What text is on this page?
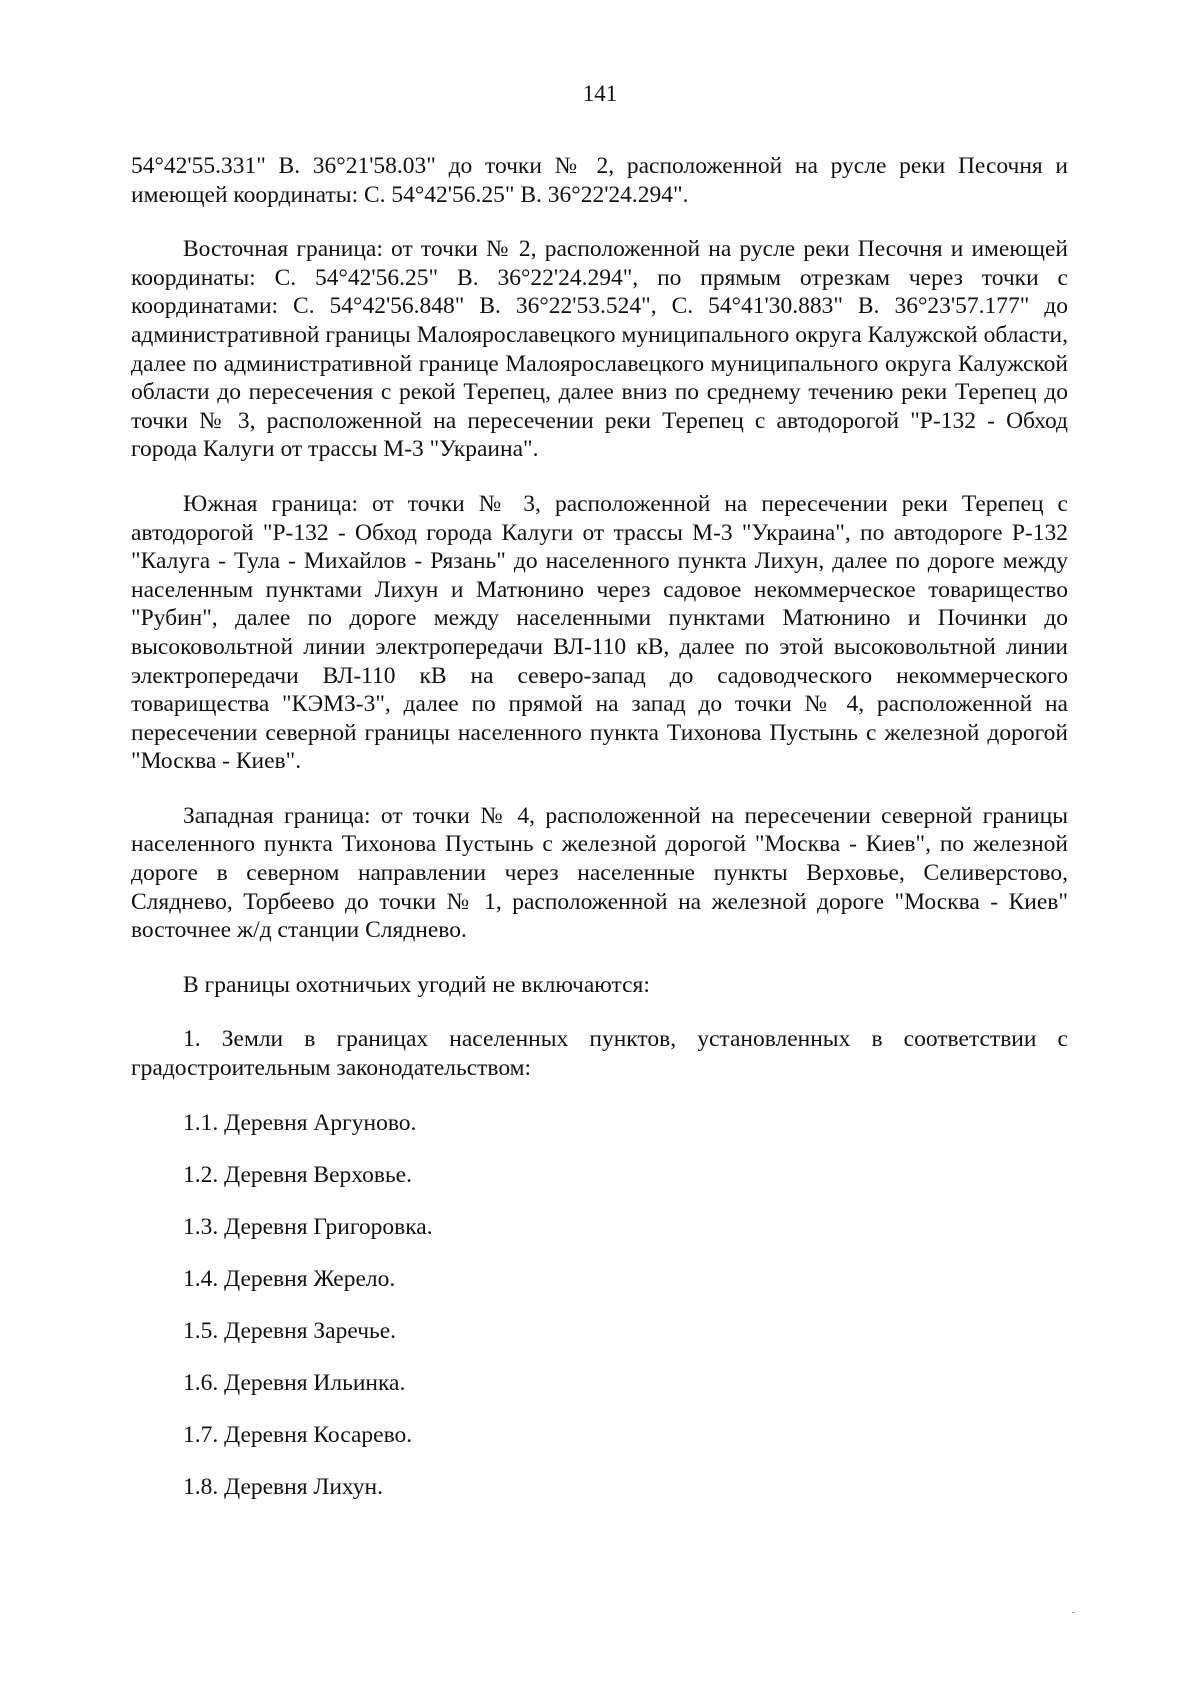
141

54°42'55.331" В. 36°21'58.03" до точки № 2, расположенной на русле реки Песочня и имеющей координаты: С. 54°42'56.25" В. 36°22'24.294".

Восточная граница: от точки № 2, расположенной на русле реки Песочня и имеющей координаты: С. 54°42'56.25" В. 36°22'24.294", по прямым отрезкам через точки с координатами: С. 54°42'56.848" В. 36°22'53.524", С. 54°41'30.883" В. 36°23'57.177" до административной границы Малоярославецкого муниципального округа Калужской области, далее по административной границе Малоярославецкого муниципального округа Калужской области до пересечения с рекой Терепец, далее вниз по среднему течению реки Терепец до точки № 3, расположенной на пересечении реки Терепец с автодорогой "Р-132 - Обход города Калуги от трассы М-3 "Украина".

Южная граница: от точки № 3, расположенной на пересечении реки Терепец с автодорогой "Р-132 - Обход города Калуги от трассы М-3 "Украина", по автодороге Р-132 "Калуга - Тула - Михайлов - Рязань" до населенного пункта Лихун, далее по дороге между населенным пунктами Лихун и Матюнино через садовое некоммерческое товарищество "Рубин", далее по дороге между населенными пунктами Матюнино и Починки до высоковольтной линии электропередачи ВЛ-110 кВ, далее по этой высоковольтной линии электропередачи ВЛ-110 кВ на северо-запад до садоводческого некоммерческого товарищества "КЭМЗ-3", далее по прямой на запад до точки № 4, расположенной на пересечении северной границы населенного пункта Тихонова Пустынь с железной дорогой "Москва - Киев".

Западная граница: от точки № 4, расположенной на пересечении северной границы населенного пункта Тихонова Пустынь с железной дорогой "Москва - Киев", по железной дороге в северном направлении через населенные пункты Верховье, Селиверстово, Сляднево, Торбеево до точки № 1, расположенной на железной дороге "Москва - Киев" восточнее ж/д станции Сляднево.

В границы охотничьих угодий не включаются:

1. Земли в границах населенных пунктов, установленных в соответствии с градостроительным законодательством:

1.1. Деревня Аргуново.

1.2. Деревня Верховье.

1.3. Деревня Григоровка.

1.4. Деревня Жерело.

1.5. Деревня Заречье.

1.6. Деревня Ильинка.

1.7. Деревня Косарево.

1.8. Деревня Лихун.
